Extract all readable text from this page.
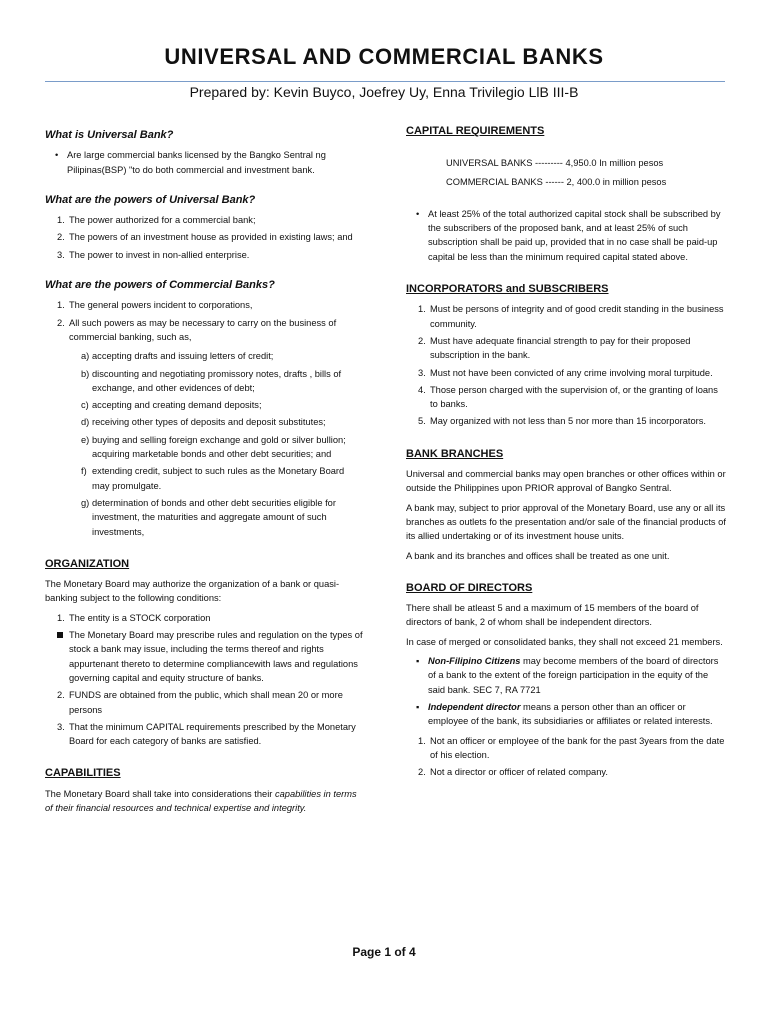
UNIVERSAL AND COMMERCIAL BANKS

Prepared by: Kevin Buyco, Joefrey Uy, Enna Trivilegio LlB III-B

What is Universal Bank?
• Are large commercial banks licensed by the Bangko Sentral ng Pilipinas(BSP) "to do both commercial and investment bank.
What are the powers of Universal Bank?
1. The power authorized for a commercial bank;
2. The powers of an investment house as provided in existing laws; and
3. The power to invest in non-allied enterprise.
What are the powers of Commercial Banks?
1. The general powers incident to corporations,
2. All such powers as may be necessary to carry on the business of commercial banking, such as,
a) accepting drafts and issuing letters of credit;
b) discounting and negotiating promissory notes, drafts , bills of exchange, and other evidences of debt;
c) accepting and creating demand deposits;
d) receiving other types of deposits and deposit substitutes;
e) buying and selling foreign exchange and gold or silver bullion; acquiring marketable bonds and other debt securities; and
f) extending credit, subject to such rules as the Monetary Board may promulgate.
g) determination of bonds and other debt securities eligible for investment, the maturities and aggregate amount of such investments,
ORGANIZATION

The Monetary Board may authorize the organization of a bank or quasi-banking subject to the following conditions:

1. The entity is a STOCK corporation
The Monetary Board may prescribe rules and regulation on the types of stock a bank may issue, including the terms thereof and rights appurtenant thereto to determine compliancewith laws and regulations governing capital and equity structure of banks.
2. FUNDS are obtained from the public, which shall mean 20 or more persons
3. That the minimum CAPITAL requirements prescribed by the Monetary Board for each category of banks are satisfied.
CAPABILITIES

The Monetary Board shall take into considerations their capabilities in terms of their financial resources and technical expertise and integrity.

CAPITAL REQUIREMENTS

UNIVERSAL BANKS --------- 4,950.0 In million pesos

COMMERCIAL BANKS ------ 2, 400.0 in million pesos

• At least 25% of the total authorized capital stock shall be subscribed by the subscribers of the proposed bank, and at least 25% of such subscription shall be paid up, provided that in no case shall be paid-up capital be less than the minimum required capital stated above.
INCORPORATORS and SUBSCRIBERS
1. Must be persons of integrity and of good credit standing in the business community.
2. Must have adequate financial strength to pay for their proposed subscription in the bank.
3. Must not have been convicted of any crime involving moral turpitude.
4. Those person charged with the supervision of, or the granting of loans to banks.
5. May organized with not less than 5 nor more than 15 incorporators.
BANK BRANCHES

Universal and commercial banks may open branches or other offices within or outside the Philippines upon PRIOR approval of Bangko Sentral.

A bank may, subject to prior approval of the Monetary Board, use any or all its branches as outlets fo the presentation and/or sale of the financial products of its allied undertaking or of its investment house units.

A bank and its branches and offices shall be treated as one unit.

BOARD OF DIRECTORS

There shall be atleast 5 and a maximum of 15 members of the board of directors of bank, 2 of whom shall be independent directors.

In case of merged or consolidated banks, they shall not exceed 21 members.

▪ Non-Filipino Citizens may become members of the board of directors of a bank to the extent of the foreign participation in the equity of the said bank. SEC 7, RA 7721
▪ Independent director means a person other than an officer or employee of the bank, its subsidiaries or affiliates or related interests.
1. Not an officer or employee of the bank for the past 3years from the date of his election.
2. Not a director or officer of related company.
Page 1 of 4
